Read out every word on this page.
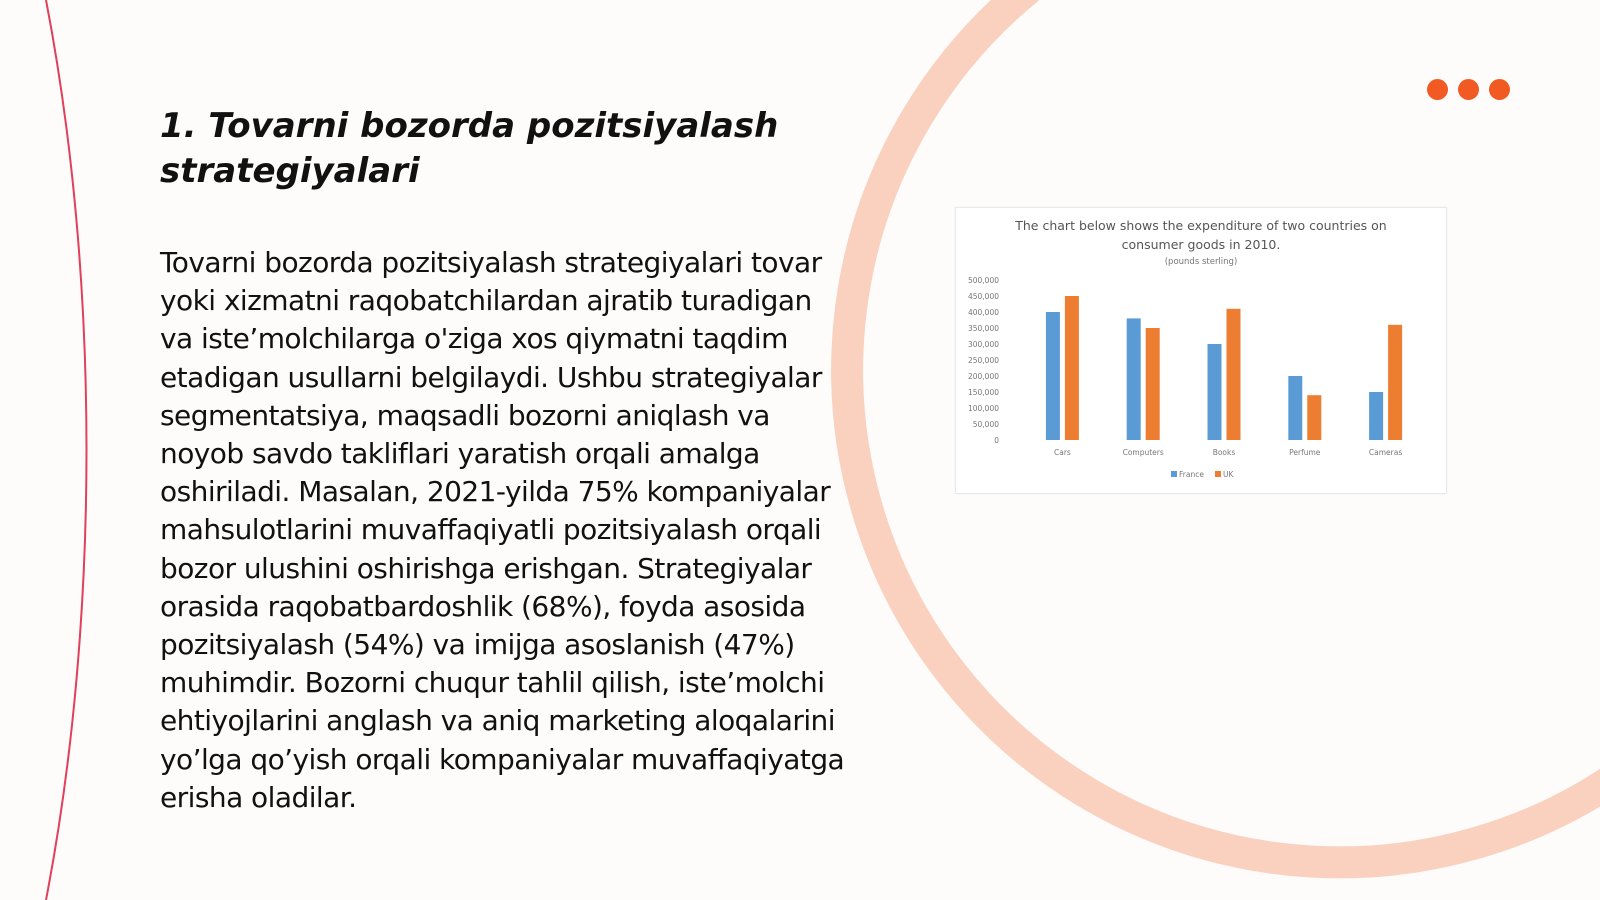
1. Tovarni bozorda pozitsiyalash strategiyalari

Tovarni bozorda pozitsiyalash strategiyalari tovar yoki xizmatni raqobatchilardan ajratib turadigan va iste’molchilarga o'ziga xos qiymatni taqdim etadigan usullarni belgilaydi. Ushbu strategiyalar segmentatsiya, maqsadli bozorni aniqlash va noyob savdo takliflari yaratish orqali amalga oshiriladi. Masalan, 2021-yilda 75% kompaniyalar mahsulotlarini muvaffaqiyatli pozitsiyalash orqali bozor ulushini oshirishga erishgan. Strategiyalar orasida raqobatbardoshlik (68%), foyda asosida pozitsiyalash (54%) va imijga asoslanish (47%) muhimdir. Bozorni chuqur tahlil qilish, iste’molchi ehtiyojlarini anglash va aniq marketing aloqalarini yo’lga qo’yish orqali kompaniyalar muvaffaqiyatga erisha oladilar.

The chart below shows the expenditure of two countries on
consumer goods in 2010.
(pounds sterling)
0
50,000
100,000
150,000
200,000
250,000
300,000
350,000
400,000
450,000
500,000
Cars	Computers	Books	Perfume	Cameras
France	UK
